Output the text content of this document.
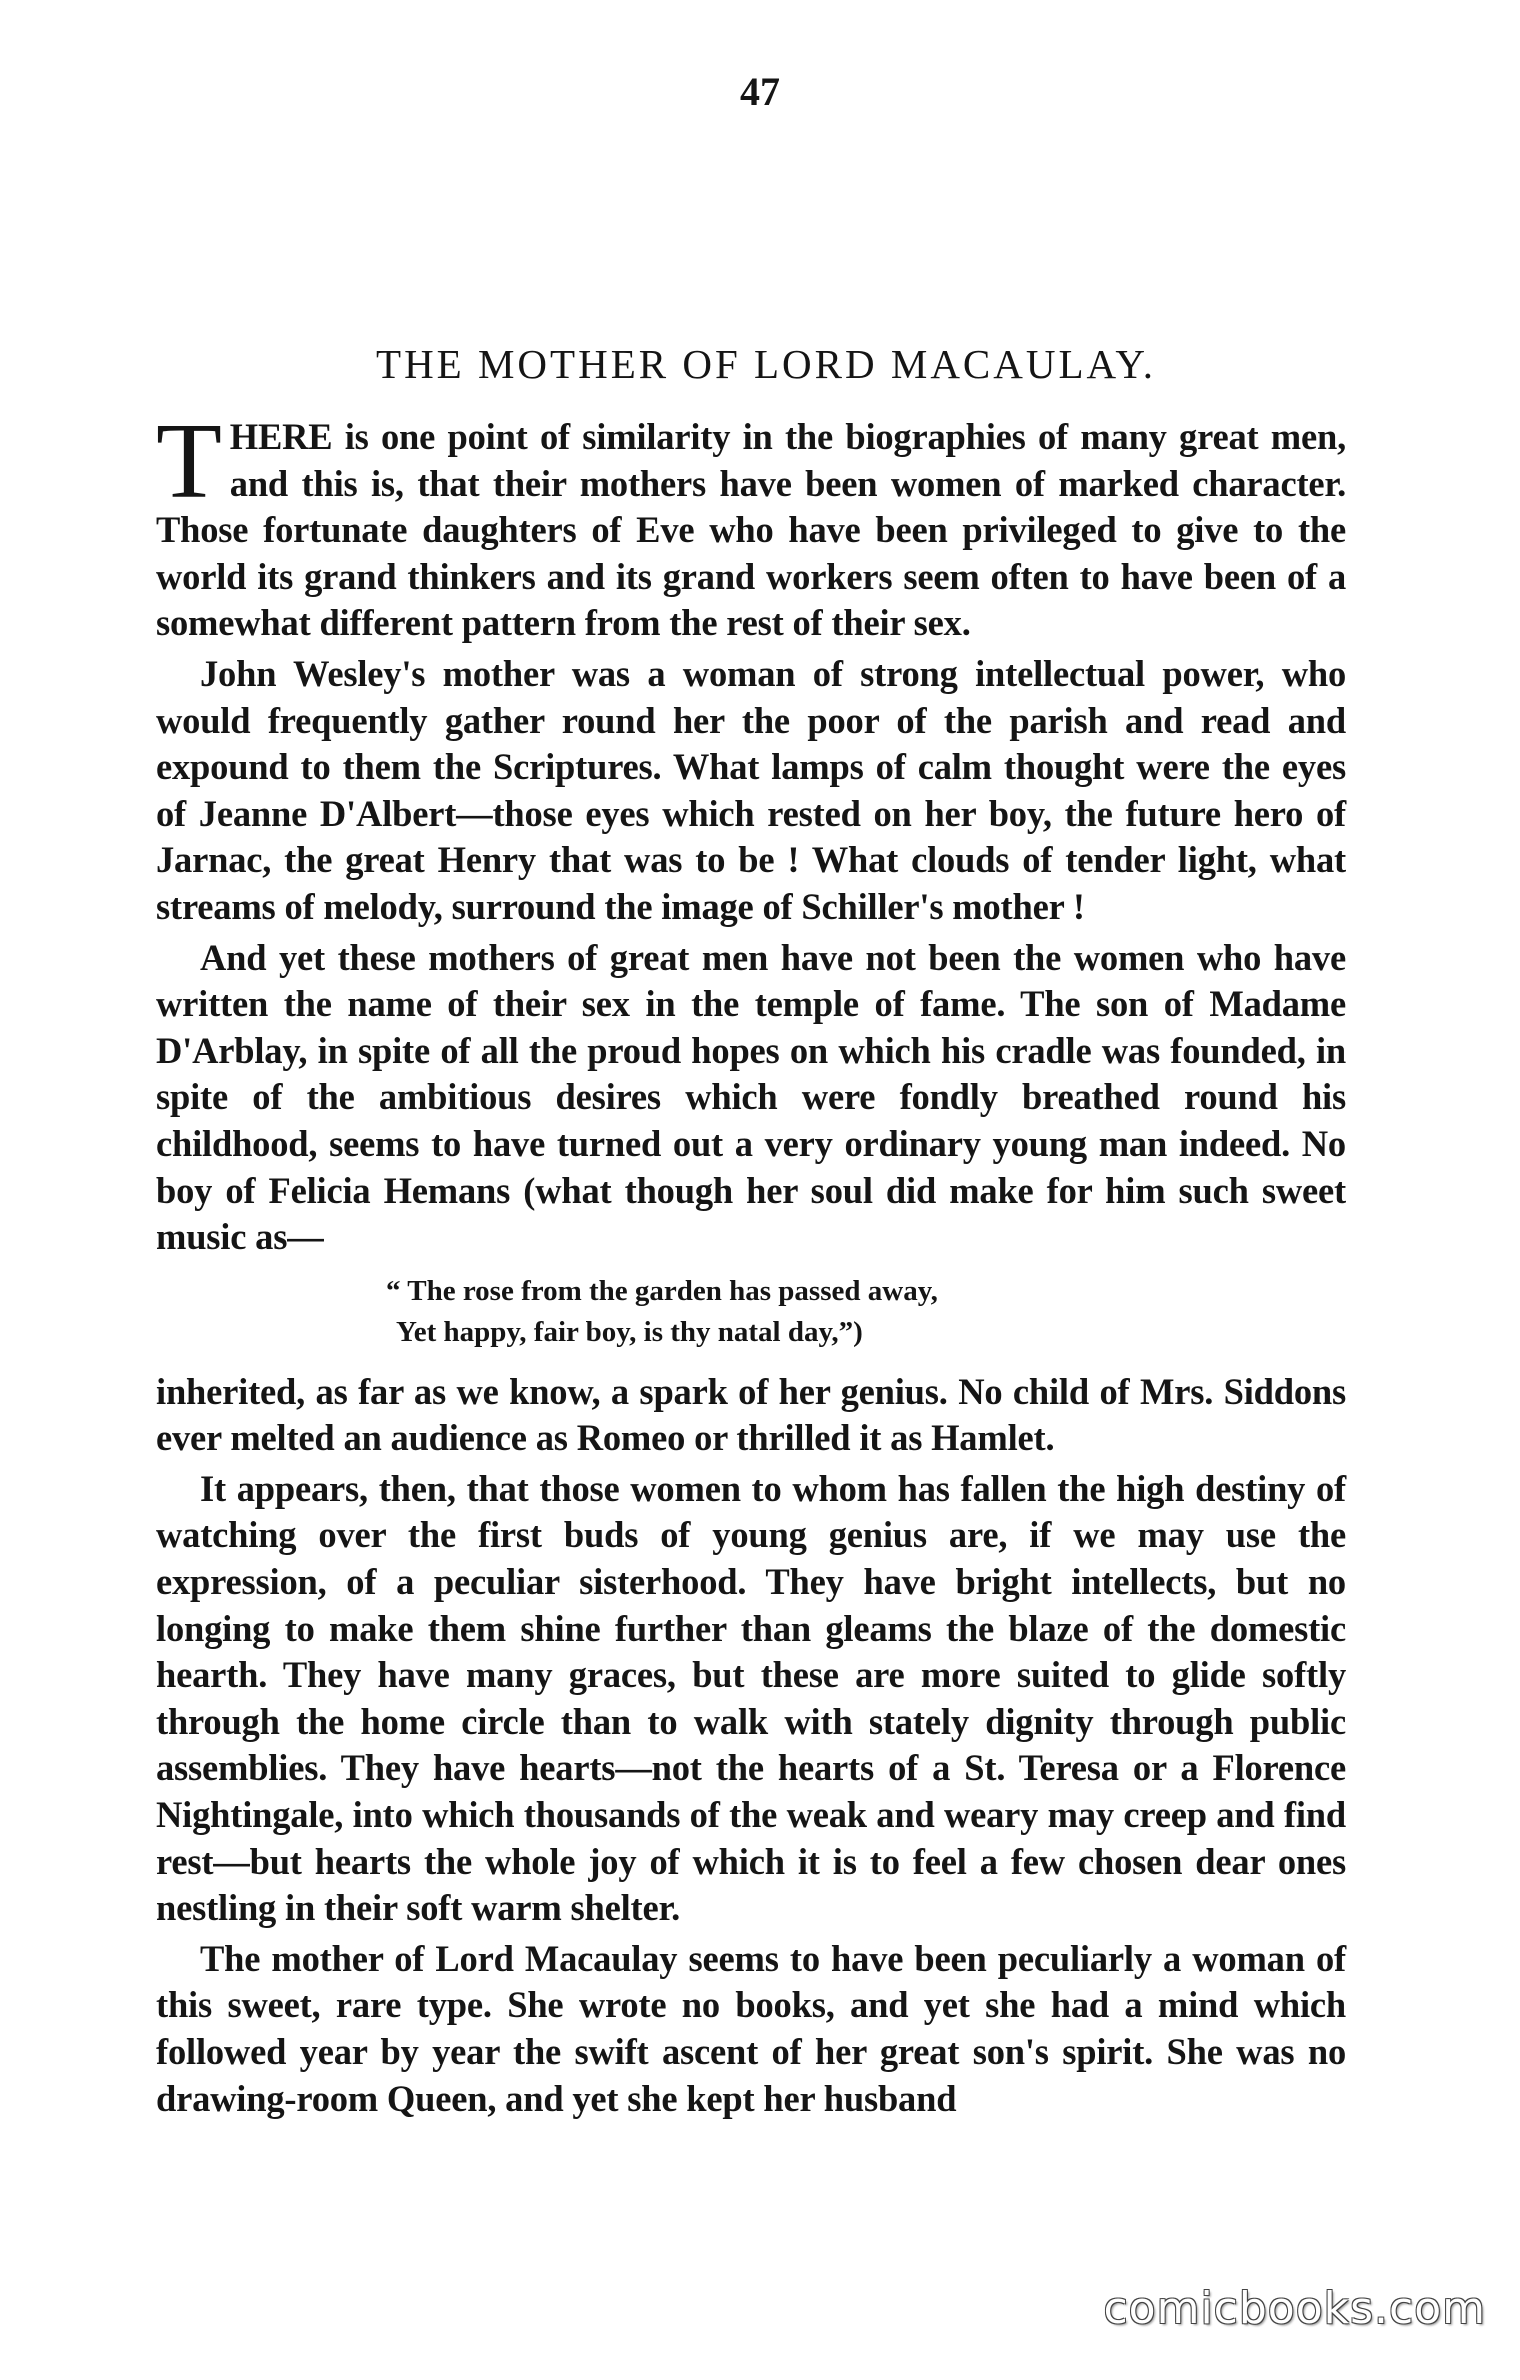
47
THE MOTHER OF LORD MACAULAY.

THERE is one point of similarity in the biographies of many great men, and this is, that their mothers have been women of marked character. Those fortunate daughters of Eve who have been privileged to give to the world its grand thinkers and its grand workers seem often to have been of a somewhat different pattern from the rest of their sex.

John Wesley's mother was a woman of strong intellectual power, who would frequently gather round her the poor of the parish and read and expound to them the Scriptures. What lamps of calm thought were the eyes of Jeanne D'Albert—those eyes which rested on her boy, the future hero of Jarnac, the great Henry that was to be ! What clouds of tender light, what streams of melody, surround the image of Schiller's mother !

And yet these mothers of great men have not been the women who have written the name of their sex in the temple of fame. The son of Madame D'Arblay, in spite of all the proud hopes on which his cradle was founded, in spite of the ambitious desires which were fondly breathed round his childhood, seems to have turned out a very ordinary young man indeed. No boy of Felicia Hemans (what though her soul did make for him such sweet music as—

“ The rose from the garden has passed away,
Yet happy, fair boy, is thy natal day,”)

inherited, as far as we know, a spark of her genius. No child of Mrs. Siddons ever melted an audience as Romeo or thrilled it as Hamlet.

It appears, then, that those women to whom has fallen the high destiny of watching over the first buds of young genius are, if we may use the expression, of a peculiar sisterhood. They have bright intellects, but no longing to make them shine further than gleams the blaze of the domestic hearth. They have many graces, but these are more suited to glide softly through the home circle than to walk with stately dignity through public assemblies. They have hearts—not the hearts of a St. Teresa or a Florence Nightingale, into which thousands of the weak and weary may creep and find rest—but hearts the whole joy of which it is to feel a few chosen dear ones nestling in their soft warm shelter.

The mother of Lord Macaulay seems to have been peculiarly a woman of this sweet, rare type. She wrote no books, and yet she had a mind which followed year by year the swift ascent of her great son's spirit. She was no drawing-room Queen, and yet she kept her husband

comicbooks.com
